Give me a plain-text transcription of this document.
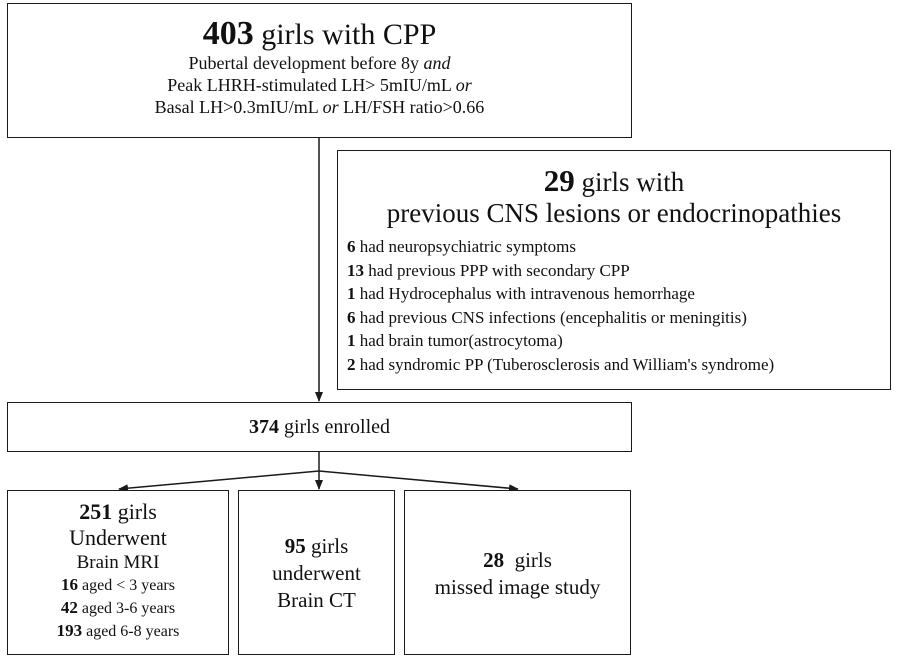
403 girls with CPP
Pubertal development before 8y and
Peak LHRH-stimulated LH> 5mIU/mL or
Basal LH>0.3mIU/mL or LH/FSH ratio>0.66
29 girls with
previous CNS lesions or endocrinopathies
6 had neuropsychiatric symptoms
13 had previous PPP with secondary CPP
1 had Hydrocephalus with intravenous hemorrhage
6 had previous CNS infections (encephalitis or meningitis)
1 had brain tumor(astrocytoma)
2 had syndromic PP (Tuberosclerosis and William's syndrome)
374 girls enrolled
251 girls
Underwent
Brain MRI
16 aged < 3 years
42 aged 3-6 years
193 aged 6-8 years
95 girls
underwent
Brain CT
28  girls
missed image study
